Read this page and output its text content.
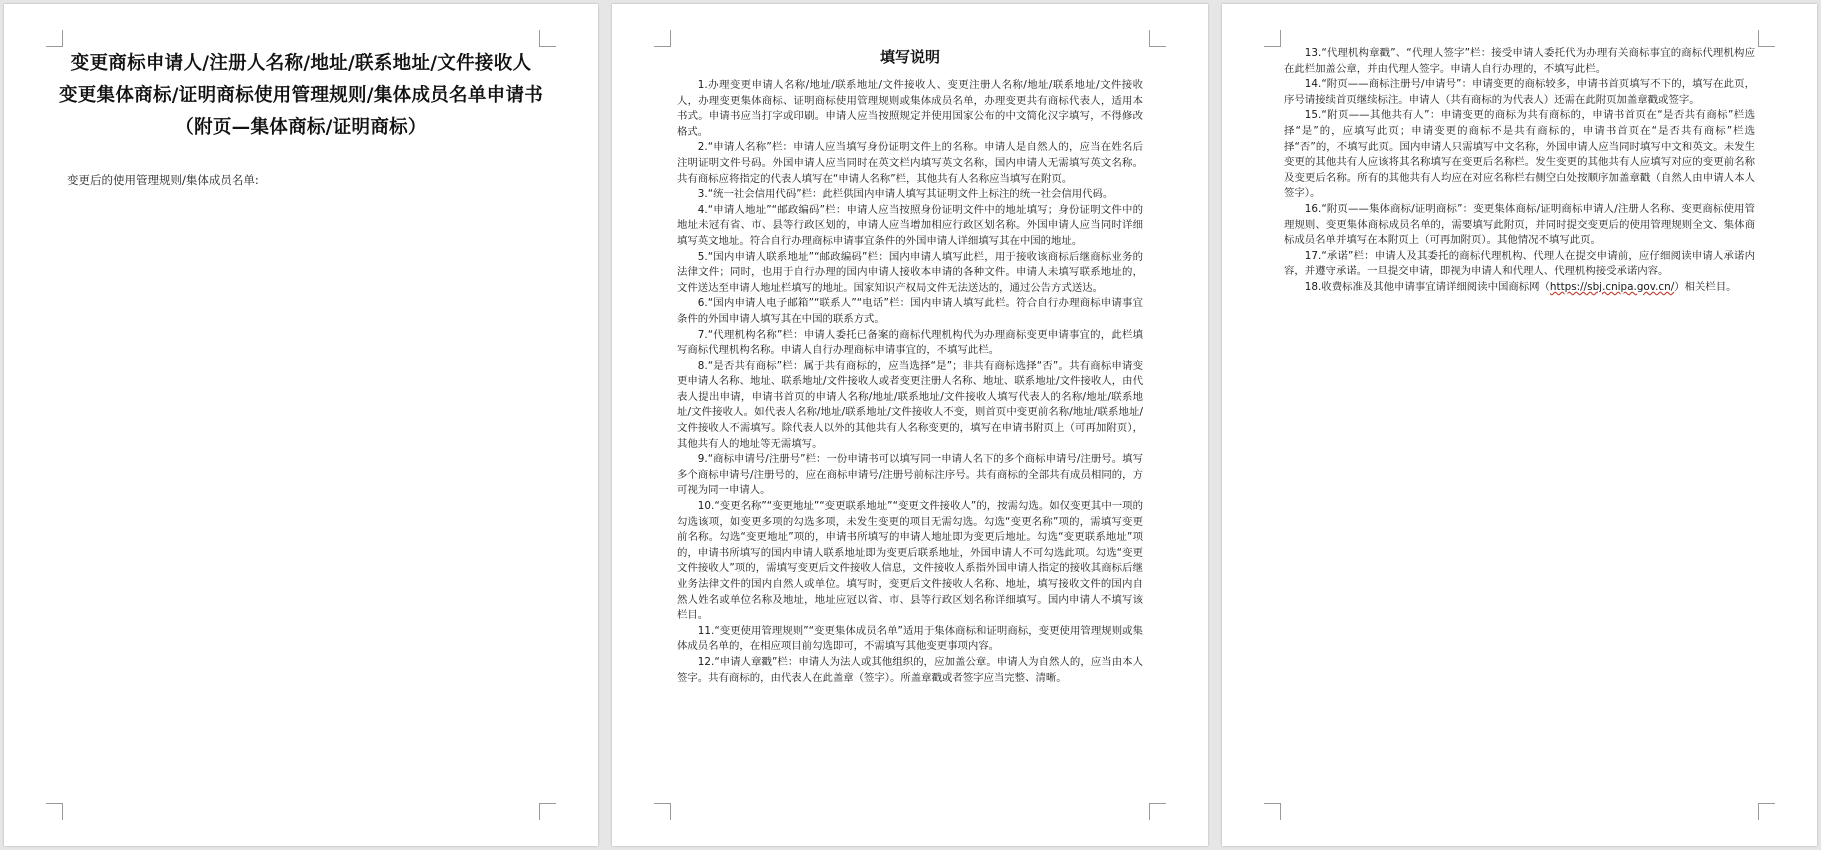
变更商标申请人/注册人名称/地址/联系地址/文件接收人
变更集体商标/证明商标使用管理规则/集体成员名单申请书
（附页—集体商标/证明商标）
变更后的使用管理规则/集体成员名单:
填写说明

1.办理变更申请人名称/地址/联系地址/文件接收人、变更注册人名称/地址/联系地址/文件接收人，办理变更集体商标、证明商标使用管理规则或集体成员名单，办理变更共有商标代表人，适用本书式。申请书应当打字或印刷。申请人应当按照规定并使用国家公布的中文简化汉字填写，不得修改格式。

2.“申请人名称”栏：申请人应当填写身份证明文件上的名称。申请人是自然人的，应当在姓名后注明证明文件号码。外国申请人应当同时在英文栏内填写英文名称，国内申请人无需填写英文名称。共有商标应将指定的代表人填写在“申请人名称”栏，其他共有人名称应当填写在附页。

3.“统一社会信用代码”栏：此栏供国内申请人填写其证明文件上标注的统一社会信用代码。

4.“申请人地址”“邮政编码”栏：申请人应当按照身份证明文件中的地址填写；身份证明文件中的地址未冠有省、市、县等行政区划的，申请人应当增加相应行政区划名称。外国申请人应当同时详细填写英文地址。符合自行办理商标申请事宜条件的外国申请人详细填写其在中国的地址。

5.“国内申请人联系地址”“邮政编码”栏：国内申请人填写此栏，用于接收该商标后继商标业务的法律文件；同时，也用于自行办理的国内申请人接收本申请的各种文件。申请人未填写联系地址的，文件送达至申请人地址栏填写的地址。国家知识产权局文件无法送达的，通过公告方式送达。

6.“国内申请人电子邮箱”“联系人”“电话”栏：国内申请人填写此栏。符合自行办理商标申请事宜条件的外国申请人填写其在中国的联系方式。

7.“代理机构名称”栏：申请人委托已备案的商标代理机构代为办理商标变更申请事宜的，此栏填写商标代理机构名称。申请人自行办理商标申请事宜的，不填写此栏。

8.“是否共有商标”栏：属于共有商标的，应当选择“是”；非共有商标选择“否”。共有商标申请变更申请人名称、地址、联系地址/文件接收人或者变更注册人名称、地址、联系地址/文件接收人，由代表人提出申请，申请书首页的申请人名称/地址/联系地址/文件接收人填写代表人的名称/地址/联系地址/文件接收人。如代表人名称/地址/联系地址/文件接收人不变，则首页中变更前名称/地址/联系地址/文件接收人不需填写。除代表人以外的其他共有人名称变更的，填写在申请书附页上（可再加附页），其他共有人的地址等无需填写。

9.“商标申请号/注册号”栏：一份申请书可以填写同一申请人名下的多个商标申请号/注册号。填写多个商标申请号/注册号的，应在商标申请号/注册号前标注序号。共有商标的全部共有成员相同的，方可视为同一申请人。

10.“变更名称”“变更地址”“变更联系地址”“变更文件接收人”的，按需勾选。如仅变更其中一项的勾选该项，如变更多项的勾选多项，未发生变更的项目无需勾选。勾选“变更名称”项的，需填写变更前名称。勾选“变更地址”项的，申请书所填写的申请人地址即为变更后地址。勾选“变更联系地址”项的，申请书所填写的国内申请人联系地址即为变更后联系地址，外国申请人不可勾选此项。勾选“变更文件接收人”项的，需填写变更后文件接收人信息，文件接收人系指外国申请人指定的接收其商标后继业务法律文件的国内自然人或单位。填写时，变更后文件接收人名称、地址，填写接收文件的国内自然人姓名或单位名称及地址，地址应冠以省、市、县等行政区划名称详细填写。国内申请人不填写该栏目。

11.“变更使用管理规则”“变更集体成员名单”适用于集体商标和证明商标，变更使用管理规则或集体成员名单的，在相应项目前勾选即可，不需填写其他变更事项内容。

12.“申请人章戳”栏：申请人为法人或其他组织的，应加盖公章。申请人为自然人的，应当由本人签字。共有商标的，由代表人在此盖章（签字）。所盖章戳或者签字应当完整、清晰。

13.“代理机构章戳”、“代理人签字”栏：接受申请人委托代为办理有关商标事宜的商标代理机构应在此栏加盖公章，并由代理人签字。申请人自行办理的，不填写此栏。

14.“附页——商标注册号/申请号”：申请变更的商标较多，申请书首页填写不下的，填写在此页，序号请接续首页继续标注。申请人（共有商标的为代表人）还需在此附页加盖章戳或签字。

15.“附页——其他共有人”：申请变更的商标为共有商标的，申请书首页在“是否共有商标”栏选择“是”的，应填写此页；申请变更的商标不是共有商标的，申请书首页在“是否共有商标”栏选择“否”的，不填写此页。国内申请人只需填写中文名称，外国申请人应当同时填写中文和英文。未发生变更的其他共有人应该将其名称填写在变更后名称栏。发生变更的其他共有人应填写对应的变更前名称及变更后名称。所有的其他共有人均应在对应名称栏右侧空白处按顺序加盖章戳（自然人由申请人本人签字）。

16.“附页——集体商标/证明商标”：变更集体商标/证明商标申请人/注册人名称、变更商标使用管理规则、变更集体商标成员名单的，需要填写此附页，并同时提交变更后的使用管理规则全文、集体商标成员名单并填写在本附页上（可再加附页）。其他情况不填写此页。

17.“承诺”栏：申请人及其委托的商标代理机构、代理人在提交申请前，应仔细阅读申请人承诺内容，并遵守承诺。一旦提交申请，即视为申请人和代理人、代理机构接受承诺内容。

18.收费标准及其他申请事宜请详细阅读中国商标网（https://sbj.cnipa.gov.cn/）相关栏目。
